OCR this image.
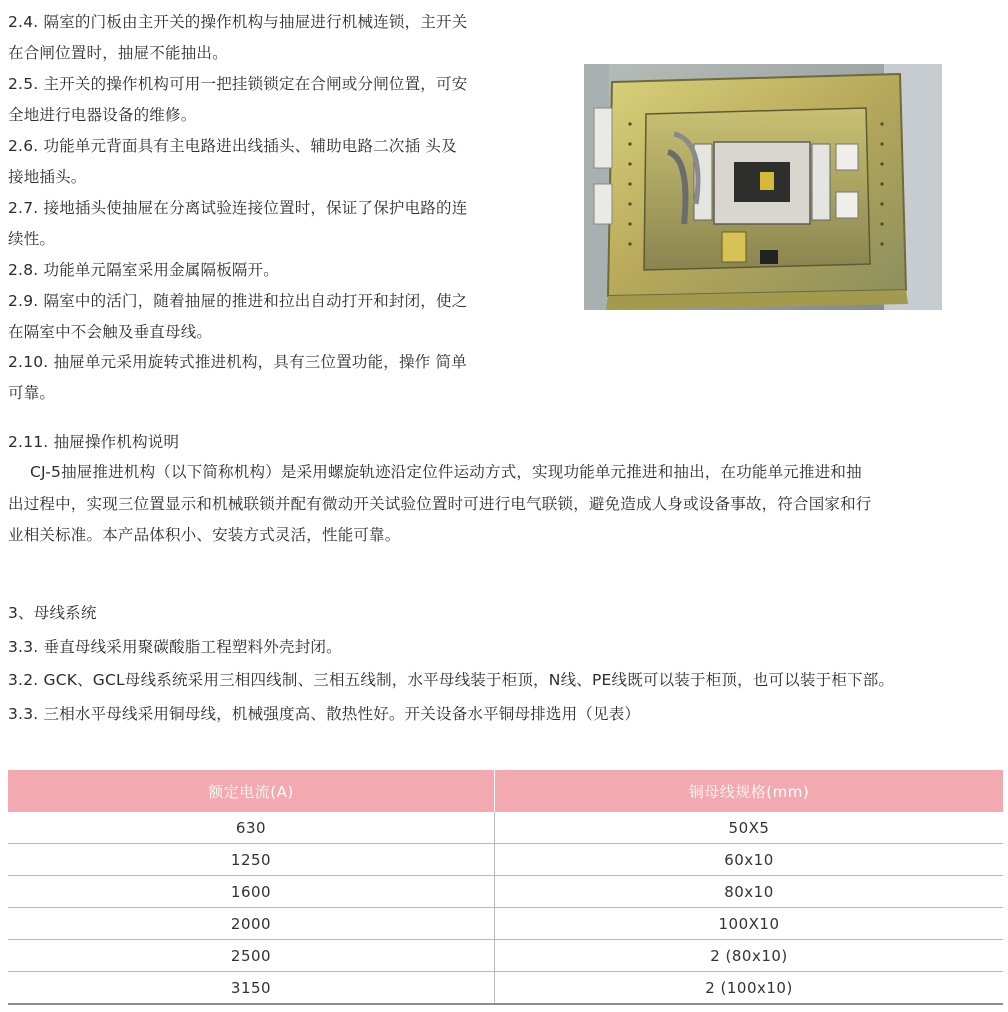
2.4. 隔室的门板由主开关的操作机构与抽屉进行机械连锁，主开关
在合闸位置时，抽屉不能抽出。
2.5. 主开关的操作机构可用一把挂锁锁定在合闸或分闸位置，可安
全地进行电器设备的维修。
2.6. 功能单元背面具有主电路进出线插头、辅助电路二次插 头及
接地插头。
2.7. 接地插头使抽屉在分离试验连接位置时，保证了保护电路的连
续性。
2.8. 功能单元隔室采用金属隔板隔开。
2.9. 隔室中的活门，随着抽屉的推进和拉出自动打开和封闭，使之
在隔室中不会触及垂直母线。
2.10. 抽屉单元采用旋转式推进机构，具有三位置功能，操作 简单
可靠。
2.11. 抽屉操作机构说明
CJ-5抽屉推进机构（以下简称机构）是采用螺旋轨迹沿定位件运动方式，实现功能单元推进和抽出，在功能单元推进和抽
出过程中，实现三位置显示和机械联锁并配有微动开关试验位置时可进行电气联锁，避免造成人身或设备事故，符合国家和行
业相关标准。本产品体积小、安装方式灵活，性能可靠。
3、母线系统
3.3. 垂直母线采用聚碳酸脂工程塑料外壳封闭。
3.2. GCK、GCL母线系统采用三相四线制、三相五线制，水平母线装于柜顶，N线、PE线既可以装于柜顶，也可以装于柜下部。
3.3. 三相水平母线采用铜母线，机械强度高、散热性好。开关设备水平铜母排选用（见表）
额定电流(A)	铜母线规格(mm)
630	50X5
1250	60x10
1600	80x10
2000	100X10
2500	2 (80x10)
3150	2 (100x10)
